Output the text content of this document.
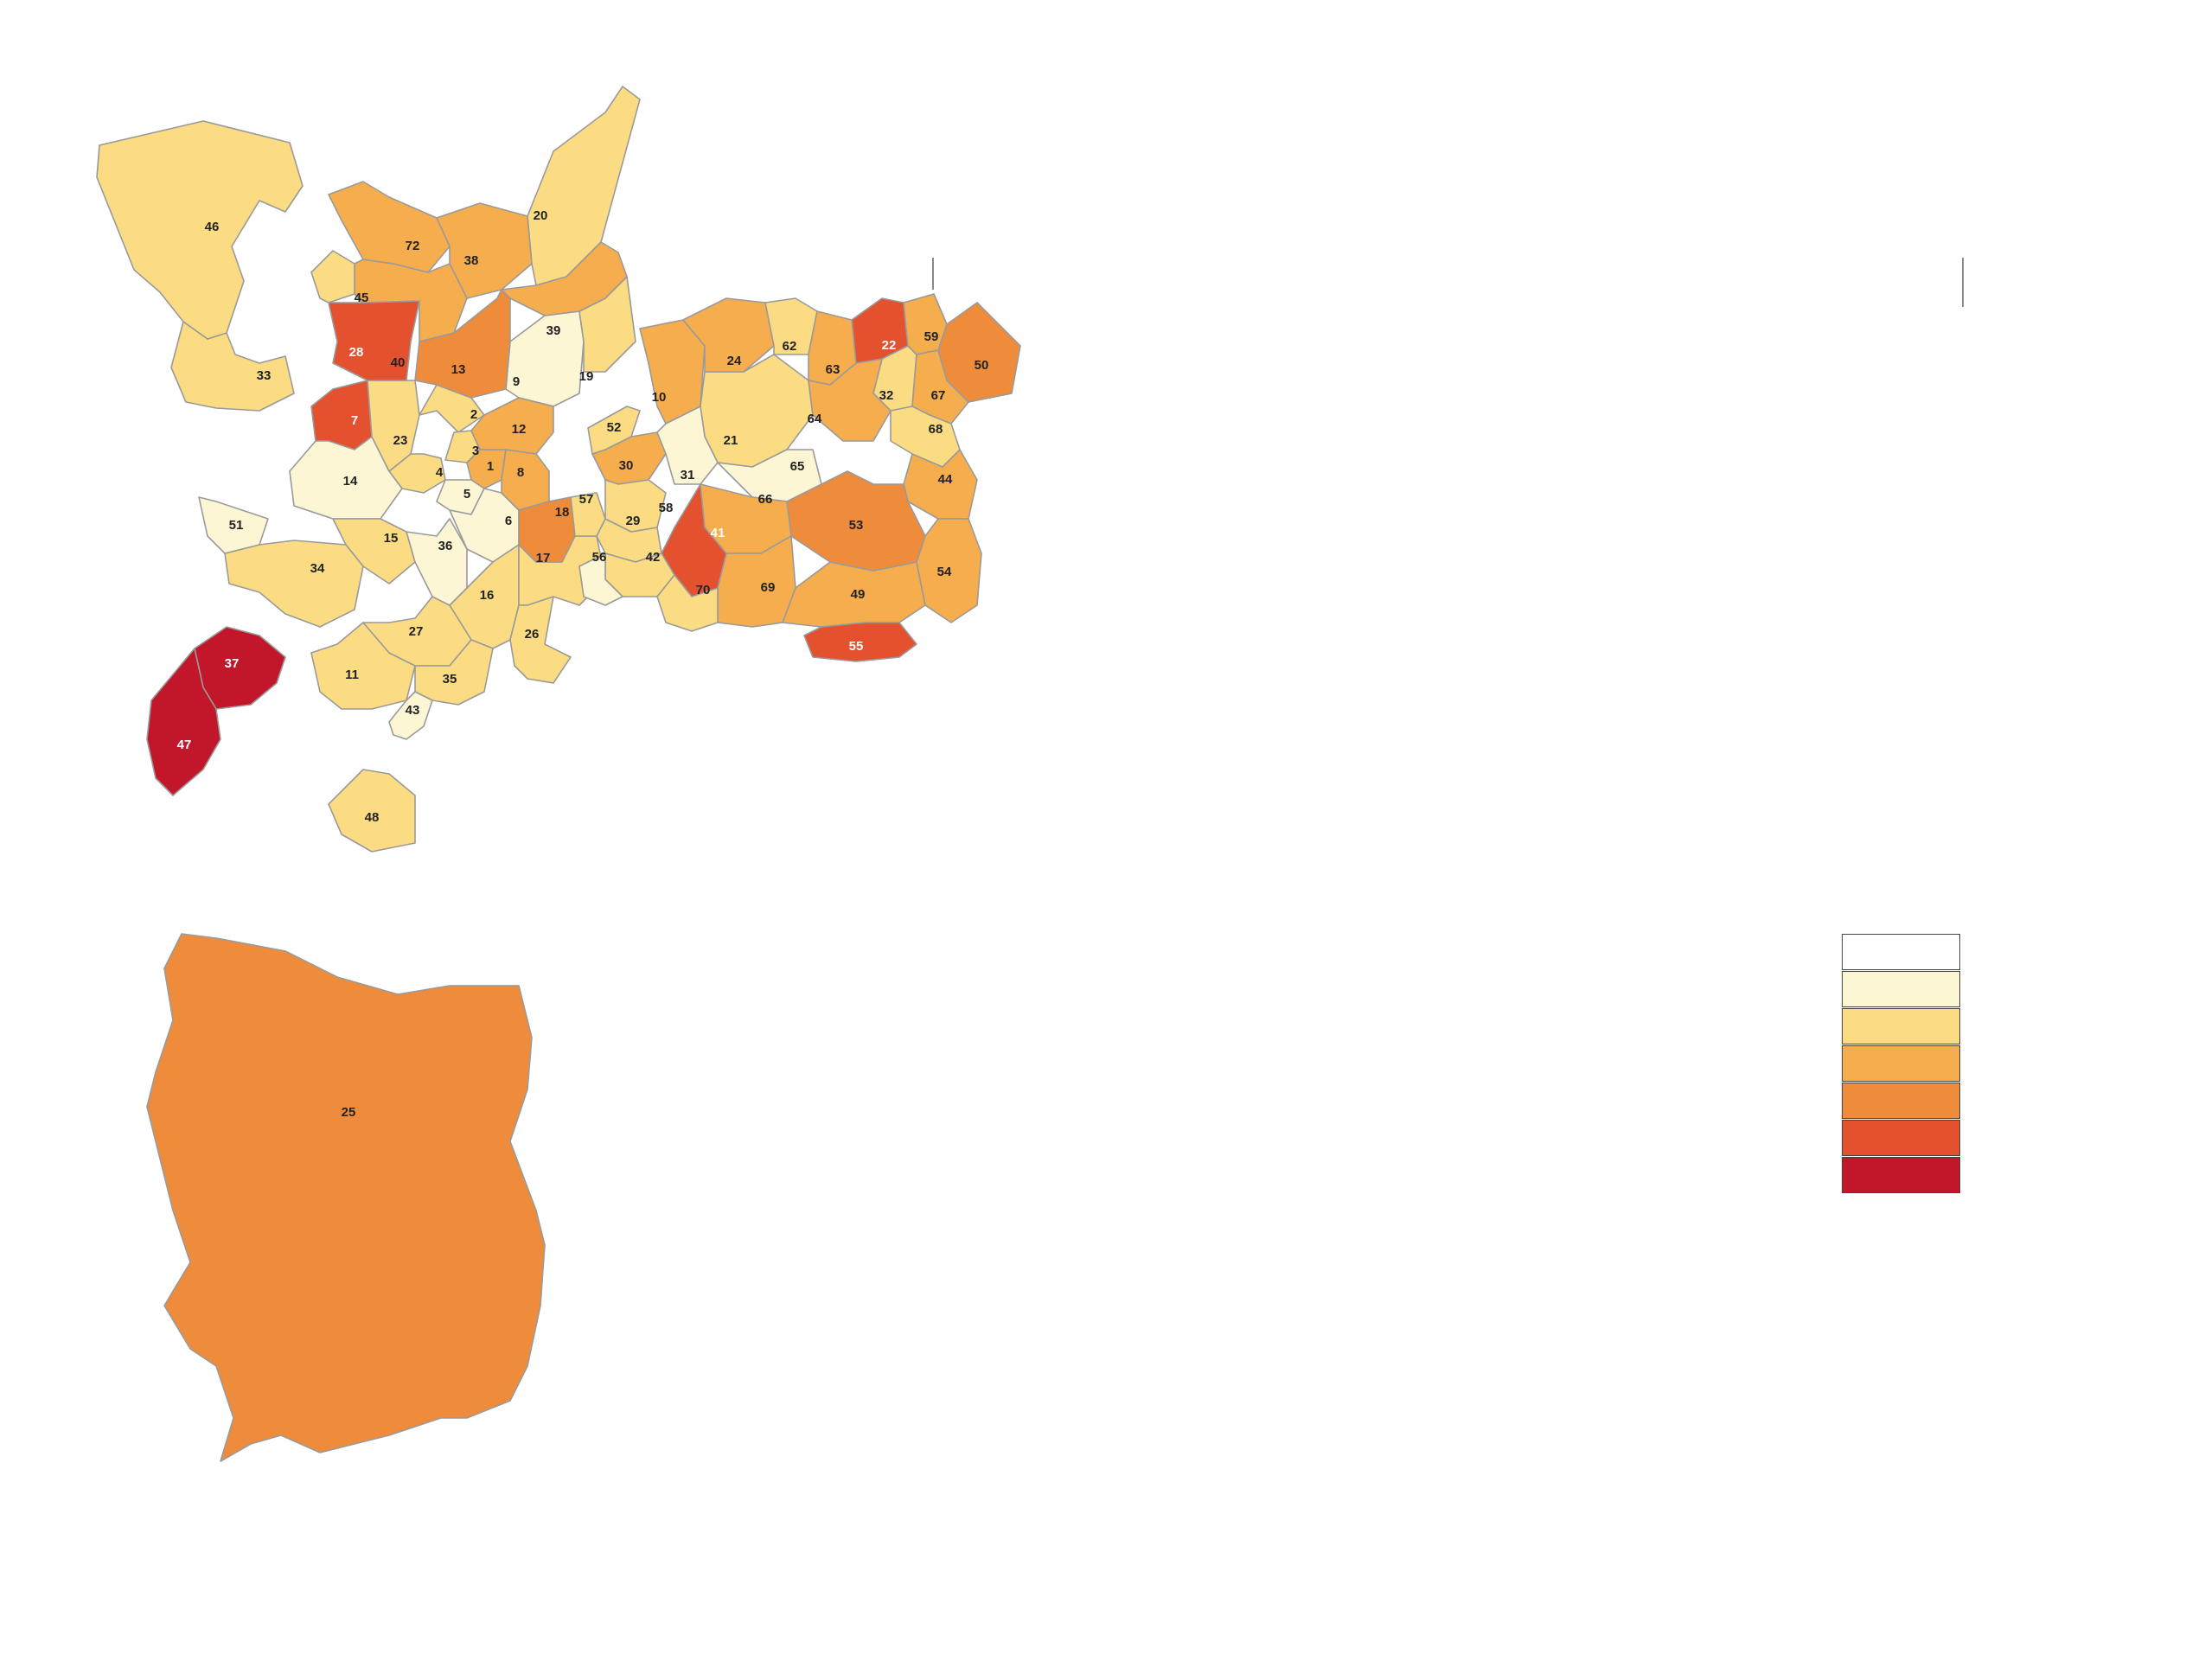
1
2
3
4
5
6
7
8
9
10
11
12
13
14
15
16
17
18
19
20
21
22
23
24
25
26
27
28
29
30
31
32
33
34
35
36
37
38
39
40
41
42
43
44
45
46
47
48
49
50
51
52
53
54
55
56
57
58
59
62
63
64
65
66
67
68
69
70
72
